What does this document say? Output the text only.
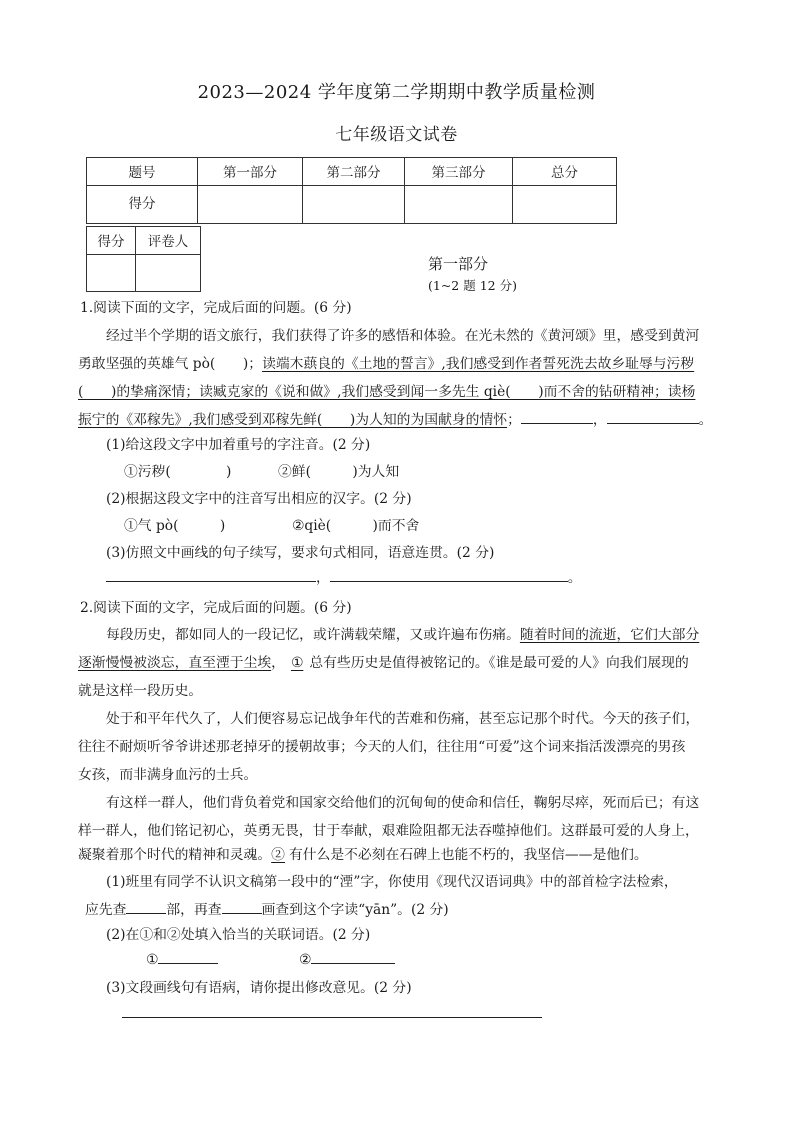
2023—2024 学年度第二学期期中教学质量检测
七年级语文试卷
题号	第一部分	第二部分	第三部分	总分
得分				
得分	评卷人

第一部分
(1~2 题 12 分)
1.阅读下面的文字，完成后面的问题。(6 分)
经过半个学期的语文旅行，我们获得了许多的感悟和体验。在光未然的《黄河颂》里，感受到黄河
勇敢坚强的英雄气 pò(　　)；读端木蕻良的《土地的誓言》,我们感受到作者誓死洗去故乡耻辱与污秽
(　　)的挚痛深情；读臧克家的《说和做》,我们感受到闻一多先生 qiè(　　)而不舍的钻研精神；读杨
振宁的《邓稼先》,我们感受到邓稼先鲜(　　)为人知的为国献身的情怀；	，	。
(1)给这段文字中加着重号的字注音。(2 分)
①污秽(　　　　)	②鲜(　　　)为人知
(2)根据这段文字中的注音写出相应的汉字。(2 分)
①气 pò(　　　)	②qiè(　　　)而不舍
(3)仿照文中画线的句子续写，要求句式相同，语意连贯。(2 分)
，	。
2.阅读下面的文字，完成后面的问题。(6 分)
每段历史，都如同人的一段记忆，或许满载荣耀，又或许遍布伤痛。随着时间的流逝，它们大部分
逐渐慢慢被淡忘，直至湮于尘埃， ① 总有些历史是值得被铭记的。《谁是最可爱的人》向我们展现的
就是这样一段历史。
处于和平年代久了，人们便容易忘记战争年代的苦难和伤痛，甚至忘记那个时代。今天的孩子们，
往往不耐烦听爷爷讲述那老掉牙的援朝故事；今天的人们，往往用“可爱”这个词来指活泼漂亮的男孩
女孩，而非满身血污的士兵。
有这样一群人，他们背负着党和国家交给他们的沉甸甸的使命和信任，鞠躬尽瘁，死而后已；有这
样一群人，他们铭记初心，英勇无畏，甘于奉献，艰难险阻都无法吞噬掉他们。这群最可爱的人身上，
凝聚着那个时代的精神和灵魂。② 有什么是不必刻在石碑上也能不朽的，我坚信——是他们。
(1)班里有同学不认识文稿第一段中的“湮”字，你使用《现代汉语词典》中的部首检字法检索，
应先查	部，再查	画查到这个字读“yān”。(2 分)
(2)在①和②处填入恰当的关联词语。(2 分)
①	②
(3)文段画线句有语病，请你提出修改意见。(2 分)
